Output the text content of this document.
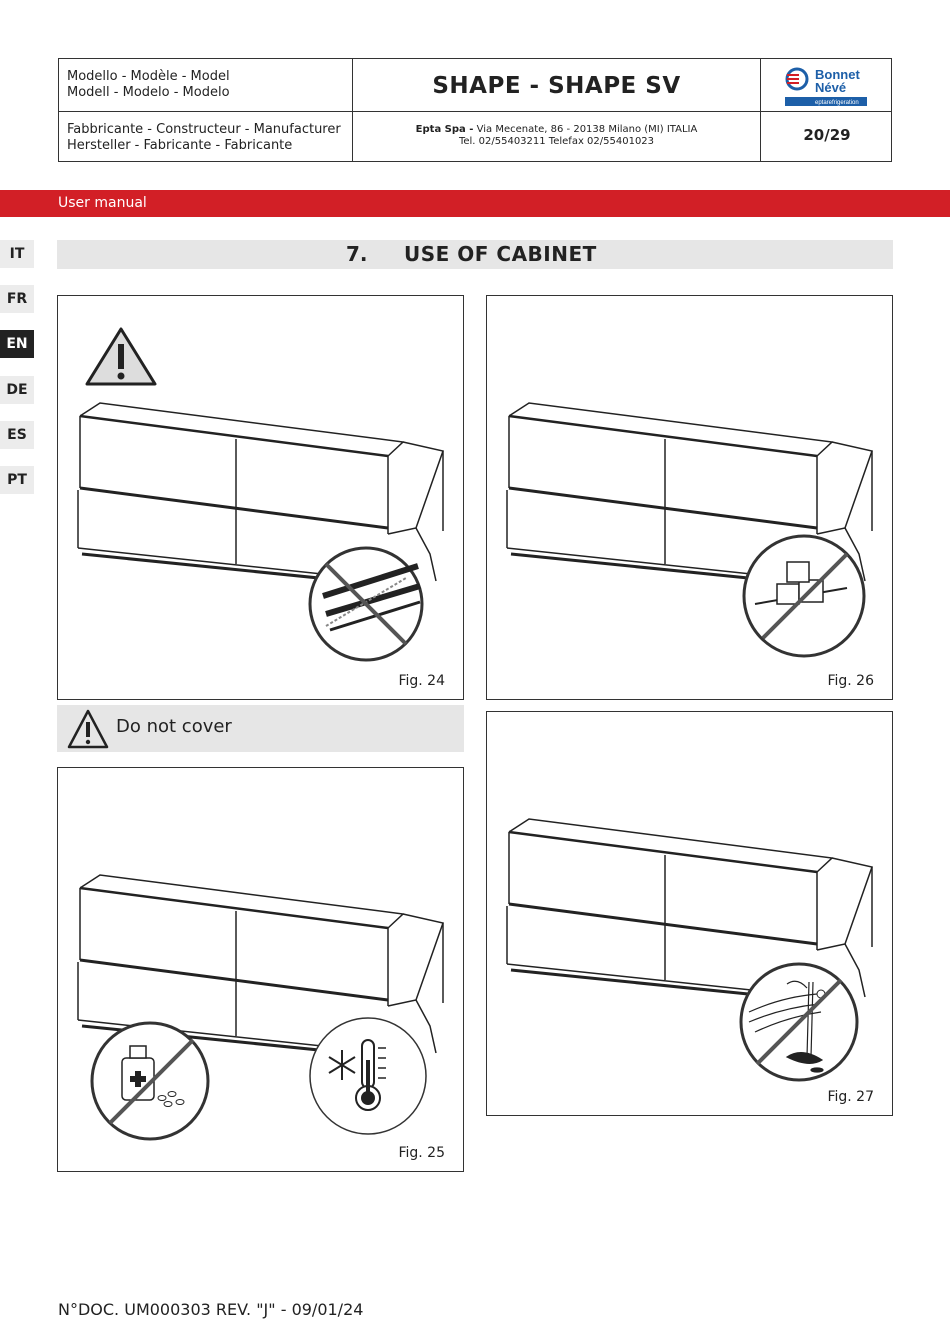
Modello - Modèle - Model
Modell - Modelo - Modelo
Fabbricante - Constructeur - Manufacturer
Hersteller - Fabricante - Fabricante
SHAPE - SHAPE SV
Epta Spa - Via Mecenate, 86 - 20138 Milano (MI) ITALIA
Tel. 02/55403211 Telefax 02/55401023	20/29
Bonnet
Névé
eptarefrigeration
User manual
IT
FR
EN
DE
ES
PT
7. USE OF CABINET
Fig. 24	Fig. 26
Do not cover
Fig. 25
Fig. 27
N°DOC. UM000303 REV. "J" - 09/01/24
